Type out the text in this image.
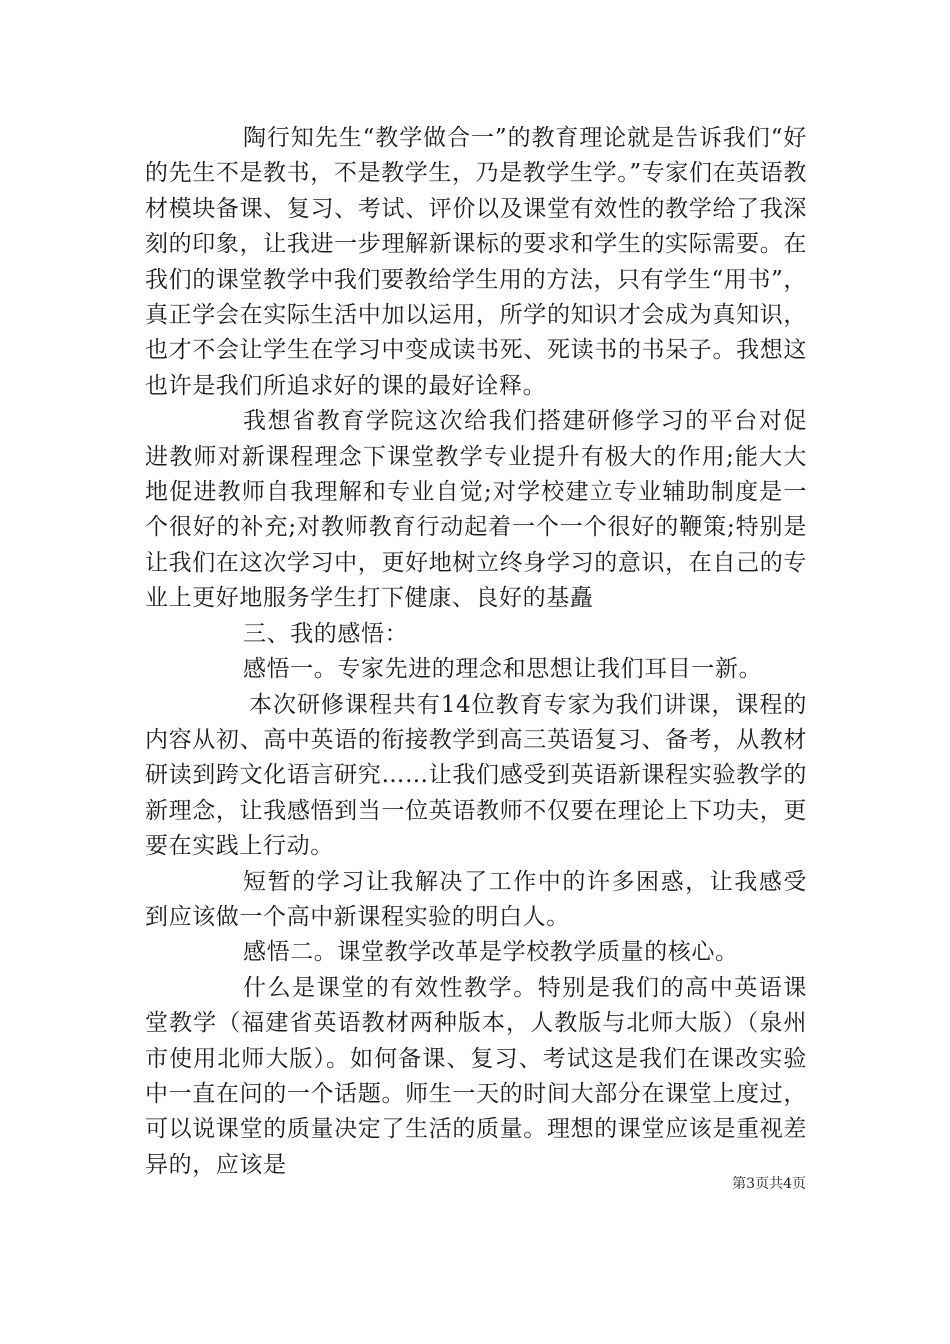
陶行知先生“教学做合一”的教育理论就是告诉我们“好的先生不是教书，不是教学生，乃是教学生学。”专家们在英语教材模块备课、复习、考试、评价以及课堂有效性的教学给了我深刻的印象，让我进一步理解新课标的要求和学生的实际需要。在我们的课堂教学中我们要教给学生用的方法，只有学生“用书”，真正学会在实际生活中加以运用，所学的知识才会成为真知识，也才不会让学生在学习中变成读书死、死读书的书呆子。我想这也许是我们所追求好的课的最好诠释。

我想省教育学院这次给我们搭建研修学习的平台对促进教师对新课程理念下课堂教学专业提升有极大的作用;能大大地促进教师自我理解和专业自觉;对学校建立专业辅助制度是一个很好的补充;对教师教育行动起着一个一个很好的鞭策;特别是让我们在这次学习中，更好地树立终身学习的意识，在自己的专业上更好地服务学生打下健康、良好的基矗

三、我的感悟：

感悟一。专家先进的理念和思想让我们耳目一新。

本次研修课程共有14位教育专家为我们讲课，课程的内容从初、高中英语的衔接教学到高三英语复习、备考，从教材研读到跨文化语言研究……让我们感受到英语新课程实验教学的新理念，让我感悟到当一位英语教师不仅要在理论上下功夫，更要在实践上行动。

短暂的学习让我解决了工作中的许多困惑，让我感受到应该做一个高中新课程实验的明白人。

感悟二。课堂教学改革是学校教学质量的核心。

什么是课堂的有效性教学。特别是我们的高中英语课堂教学（福建省英语教材两种版本，人教版与北师大版）（泉州市使用北师大版）。如何备课、复习、考试这是我们在课改实验中一直在问的一个话题。师生一天的时间大部分在课堂上度过，可以说课堂的质量决定了生活的质量。理想的课堂应该是重视差异的，应该是

第3页共4页
